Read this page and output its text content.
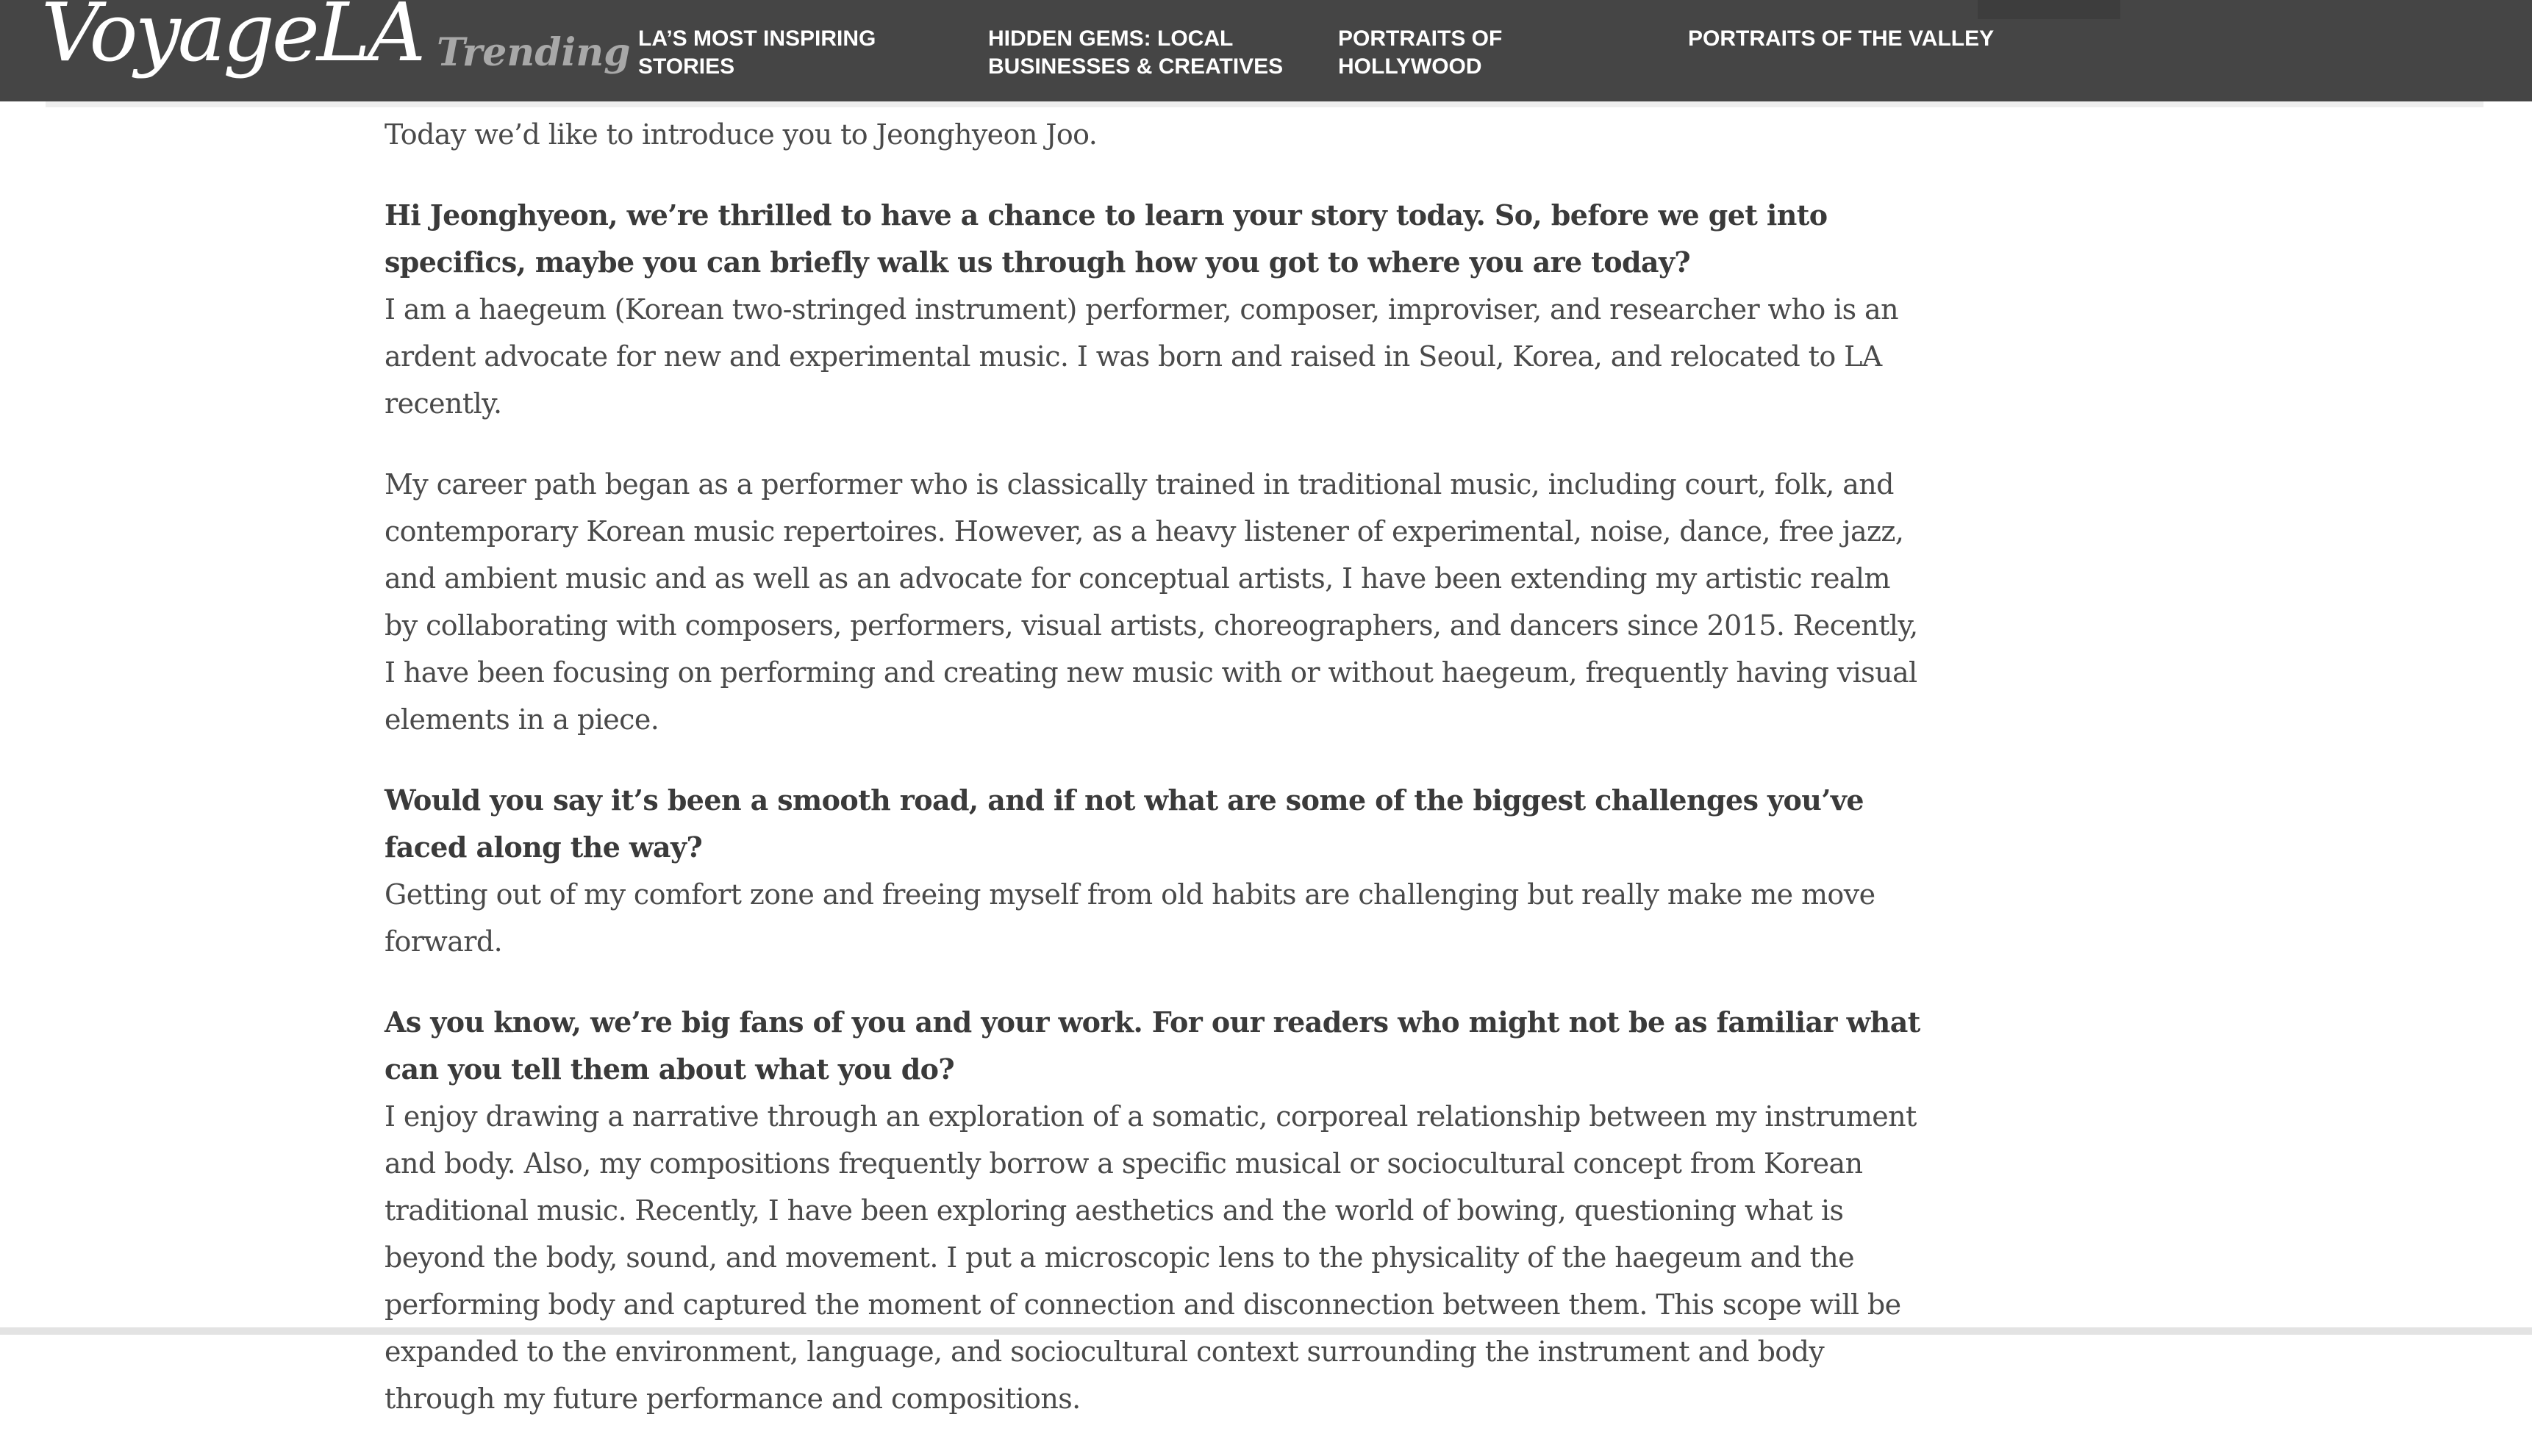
VoyageLA Trending LA’S MOST INSPIRING STORIES
HIDDEN GEMS: LOCAL BUSINESSES & CREATIVES
PORTRAITS OF HOLLYWOOD
PORTRAITS OF THE VALLEY

Today we’d like to introduce you to Jeonghyeon Joo.

Hi Jeonghyeon, we’re thrilled to have a chance to learn your story today. So, before we get into specifics, maybe you can briefly walk us through how you got to where you are today?

I am a haegeum (Korean two-stringed instrument) performer, composer, improviser, and researcher who is an ardent advocate for new and experimental music. I was born and raised in Seoul, Korea, and relocated to LA recently.

My career path began as a performer who is classically trained in traditional music, including court, folk, and contemporary Korean music repertoires. However, as a heavy listener of experimental, noise, dance, free jazz, and ambient music and as well as an advocate for conceptual artists, I have been extending my artistic realm by collaborating with composers, performers, visual artists, choreographers, and dancers since 2015. Recently, I have been focusing on performing and creating new music with or without haegeum, frequently having visual elements in a piece.

Would you say it’s been a smooth road, and if not what are some of the biggest challenges you’ve faced along the way?

Getting out of my comfort zone and freeing myself from old habits are challenging but really make me move forward.

As you know, we’re big fans of you and your work. For our readers who might not be as familiar what can you tell them about what you do?

I enjoy drawing a narrative through an exploration of a somatic, corporeal relationship between my instrument and body. Also, my compositions frequently borrow a specific musical or sociocultural concept from Korean traditional music. Recently, I have been exploring aesthetics and the world of bowing, questioning what is beyond the body, sound, and movement. I put a microscopic lens to the physicality of the haegeum and the performing body and captured the moment of connection and disconnection between them. This scope will be expanded to the environment, language, and sociocultural context surrounding the instrument and body through my future performance and compositions.
